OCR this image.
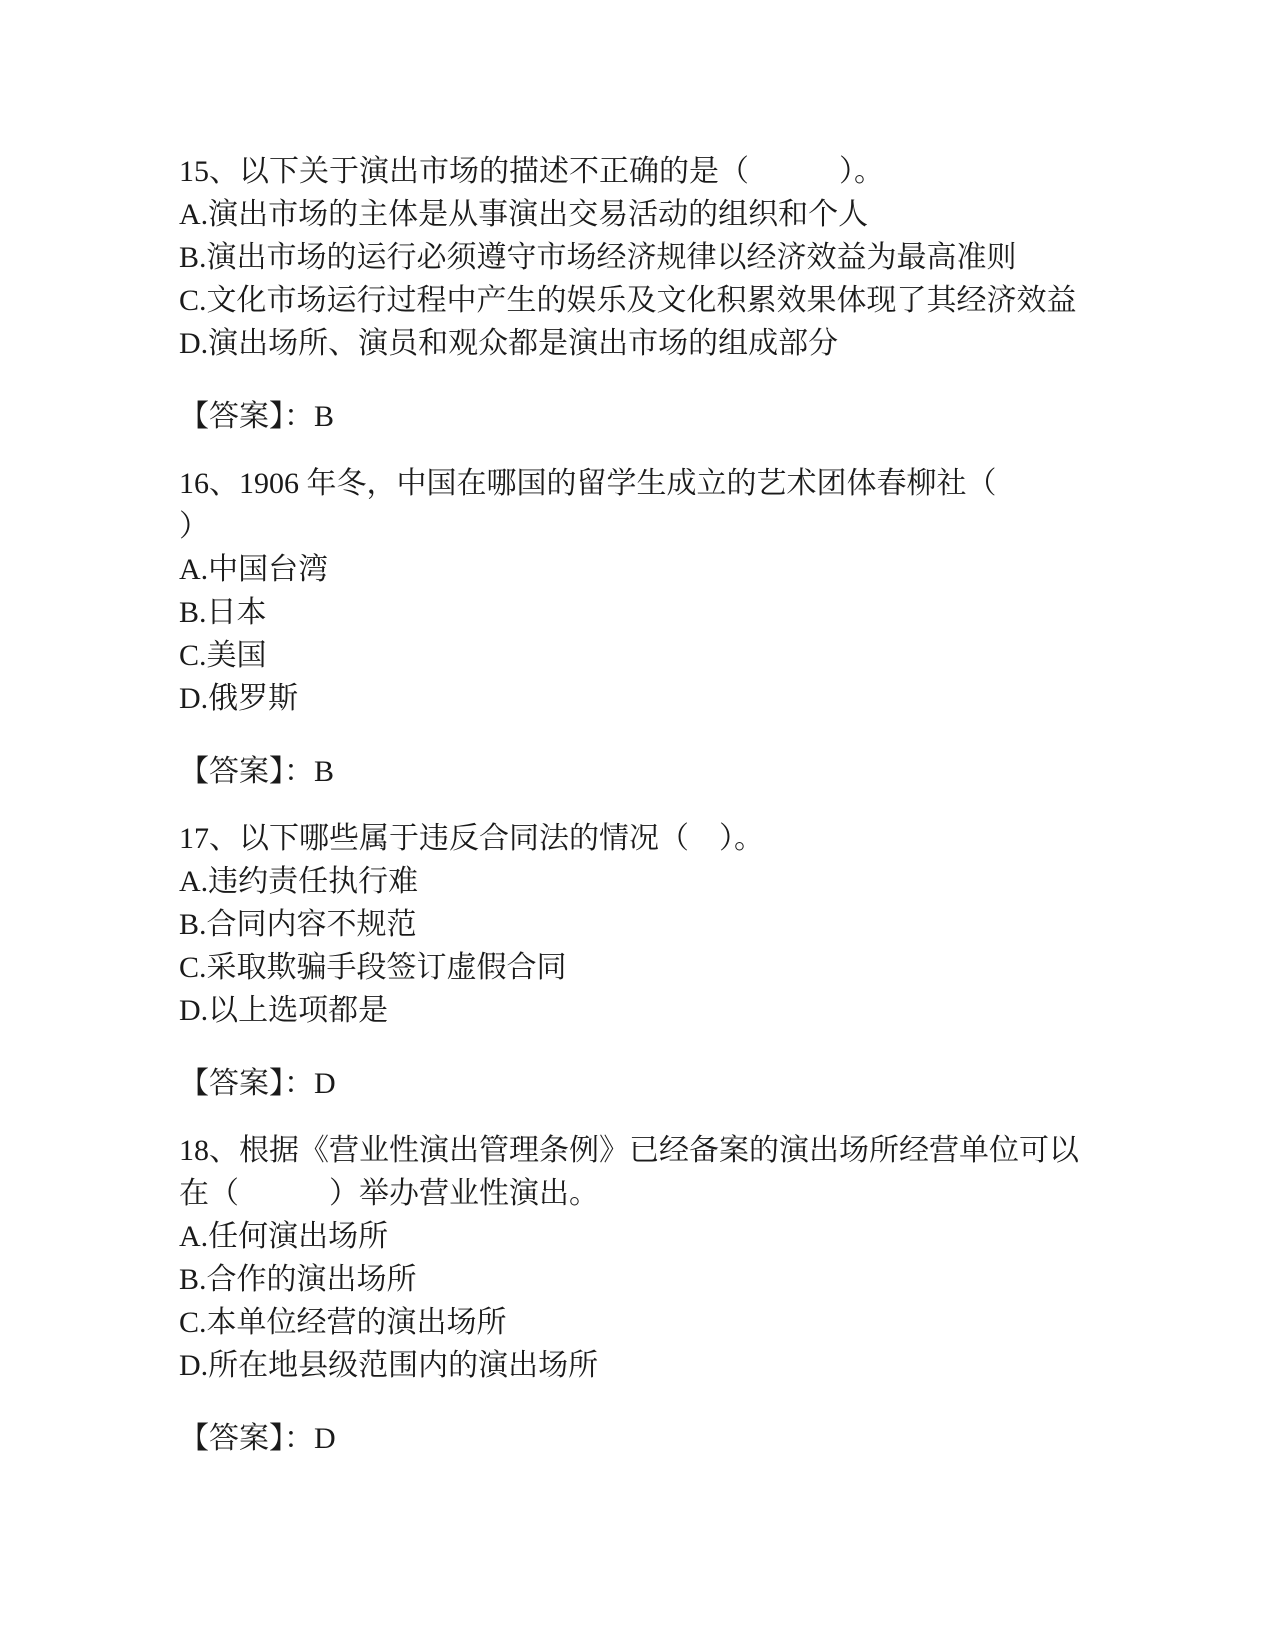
15、以下关于演出市场的描述不正确的是（　　　）。

A.演出市场的主体是从事演出交易活动的组织和个人

B.演出市场的运行必须遵守市场经济规律以经济效益为最高准则

C.文化市场运行过程中产生的娱乐及文化积累效果体现了其经济效益

D.演出场所、演员和观众都是演出市场的组成部分

【答案】：B

16、1906 年冬，中国在哪国的留学生成立的艺术团体春柳社（

）

A.中国台湾

B.日本

C.美国

D.俄罗斯

【答案】：B

17、以下哪些属于违反合同法的情况（　）。

A.违约责任执行难

B.合同内容不规范

C.采取欺骗手段签订虚假合同

D.以上选项都是

【答案】：D

18、根据《营业性演出管理条例》已经备案的演出场所经营单位可以

在（　　　）举办营业性演出。

A.任何演出场所

B.合作的演出场所

C.本单位经营的演出场所

D.所在地县级范围内的演出场所

【答案】：D
